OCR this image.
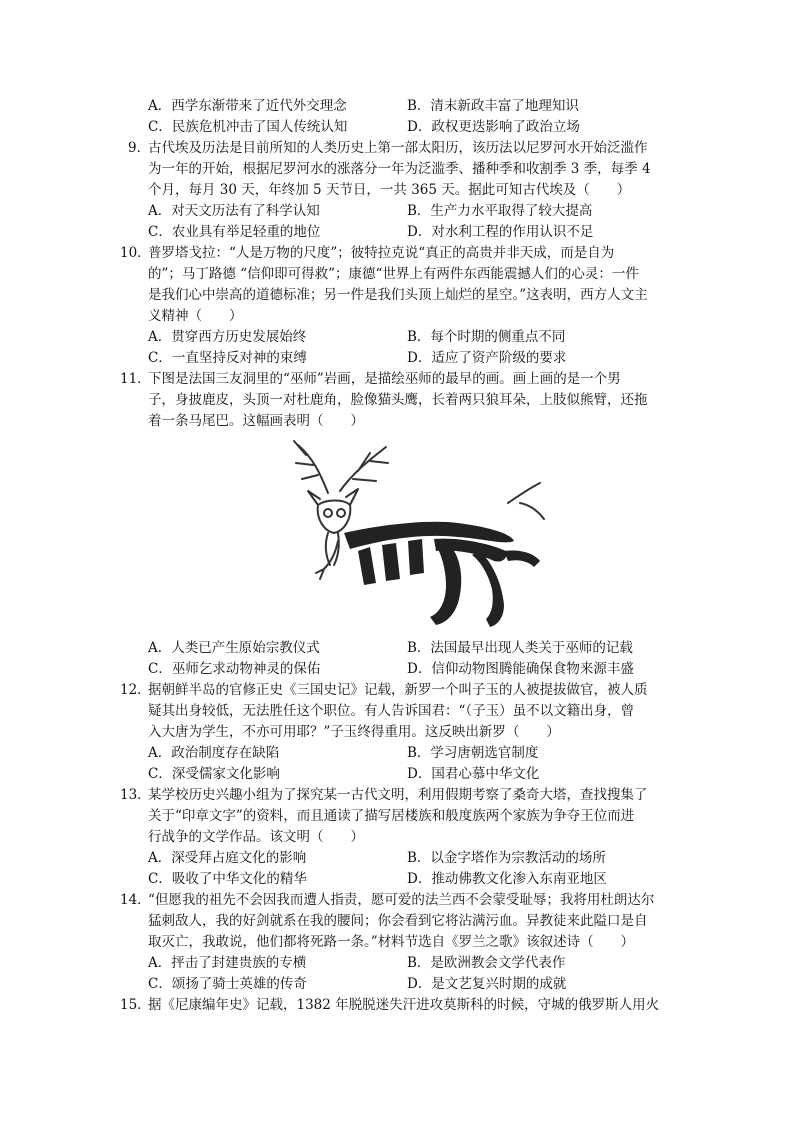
A．西学东渐带来了近代外交理念	B．清末新政丰富了地理知识
C．民族危机冲击了国人传统认知	D．政权更迭影响了政治立场
9．
古代埃及历法是目前所知的人类历史上第一部太阳历，该历法以尼罗河水开始泛滥作
为一年的开始，根据尼罗河水的涨落分一年为泛滥季、播种季和收割季 3 季，每季 4
个月，每月 30 天，年终加 5 天节日，一共 365 天。据此可知古代埃及（　　）
A．对天文历法有了科学认知	B．生产力水平取得了较大提高
C．农业具有举足轻重的地位	D．对水利工程的作用认识不足
10．
普罗塔戈拉：“人是万物的尺度”；彼特拉克说“真正的高贵并非天成，而是自为
的”；马丁路德 “信仰即可得救”；康德“世界上有两件东西能震撼人们的心灵：一件
是我们心中崇高的道德标准；另一件是我们头顶上灿烂的星空。”这表明，西方人文主
义精神（　　）
A．贯穿西方历史发展始终	B．每个时期的侧重点不同
C．一直坚持反对神的束缚	D．适应了资产阶级的要求
11．
下图是法国三友洞里的“巫师”岩画，是描绘巫师的最早的画。画上画的是一个男
子，身披鹿皮，头顶一对杜鹿角，脸像猫头鹰，长着两只狼耳朵，上肢似熊臂，还拖
着一条马尾巴。这幅画表明（　　）
A．人类已产生原始宗教仪式	B．法国最早出现人类关于巫师的记载
C．巫师乞求动物神灵的保佑	D．信仰动物图腾能确保食物来源丰盛
12．
据朝鲜半岛的官修正史《三国史记》记载，新罗一个叫子玉的人被提拔做官，被人质
疑其出身较低，无法胜任这个职位。有人告诉国君：“（子玉）虽不以文籍出身，曾
入大唐为学生，不亦可用耶？”子玉终得重用。这反映出新罗（　　）
A．政治制度存在缺陷	B．学习唐朝选官制度
C．深受儒家文化影响	D．国君心慕中华文化
13．
某学校历史兴趣小组为了探究某一古代文明，利用假期考察了桑奇大塔，查找搜集了
关于“印章文字”的资料，而且通读了描写居楼族和般度族两个家族为争夺王位而进
行战争的文学作品。该文明（　　）
A．深受拜占庭文化的影响	B．以金字塔作为宗教活动的场所
C．吸收了中华文化的精华	D．推动佛教文化渗入东南亚地区
14．
“但愿我的祖先不会因我而遭人指责，愿可爱的法兰西不会蒙受耻辱；我将用杜朗达尔
猛刺敌人，我的好剑就系在我的腰间；你会看到它将沾满污血。异教徒来此隘口是自
取灭亡，我敢说，他们都将死路一条。”材料节选自《罗兰之歌》该叙述诗（　　）
A．抨击了封建贵族的专横	B．是欧洲教会文学代表作
C．颂扬了骑士英雄的传奇	D．是文艺复兴时期的成就
15．
据《尼康编年史》记载，1382 年脱脱迷失汗进攻莫斯科的时候，守城的俄罗斯人用火
